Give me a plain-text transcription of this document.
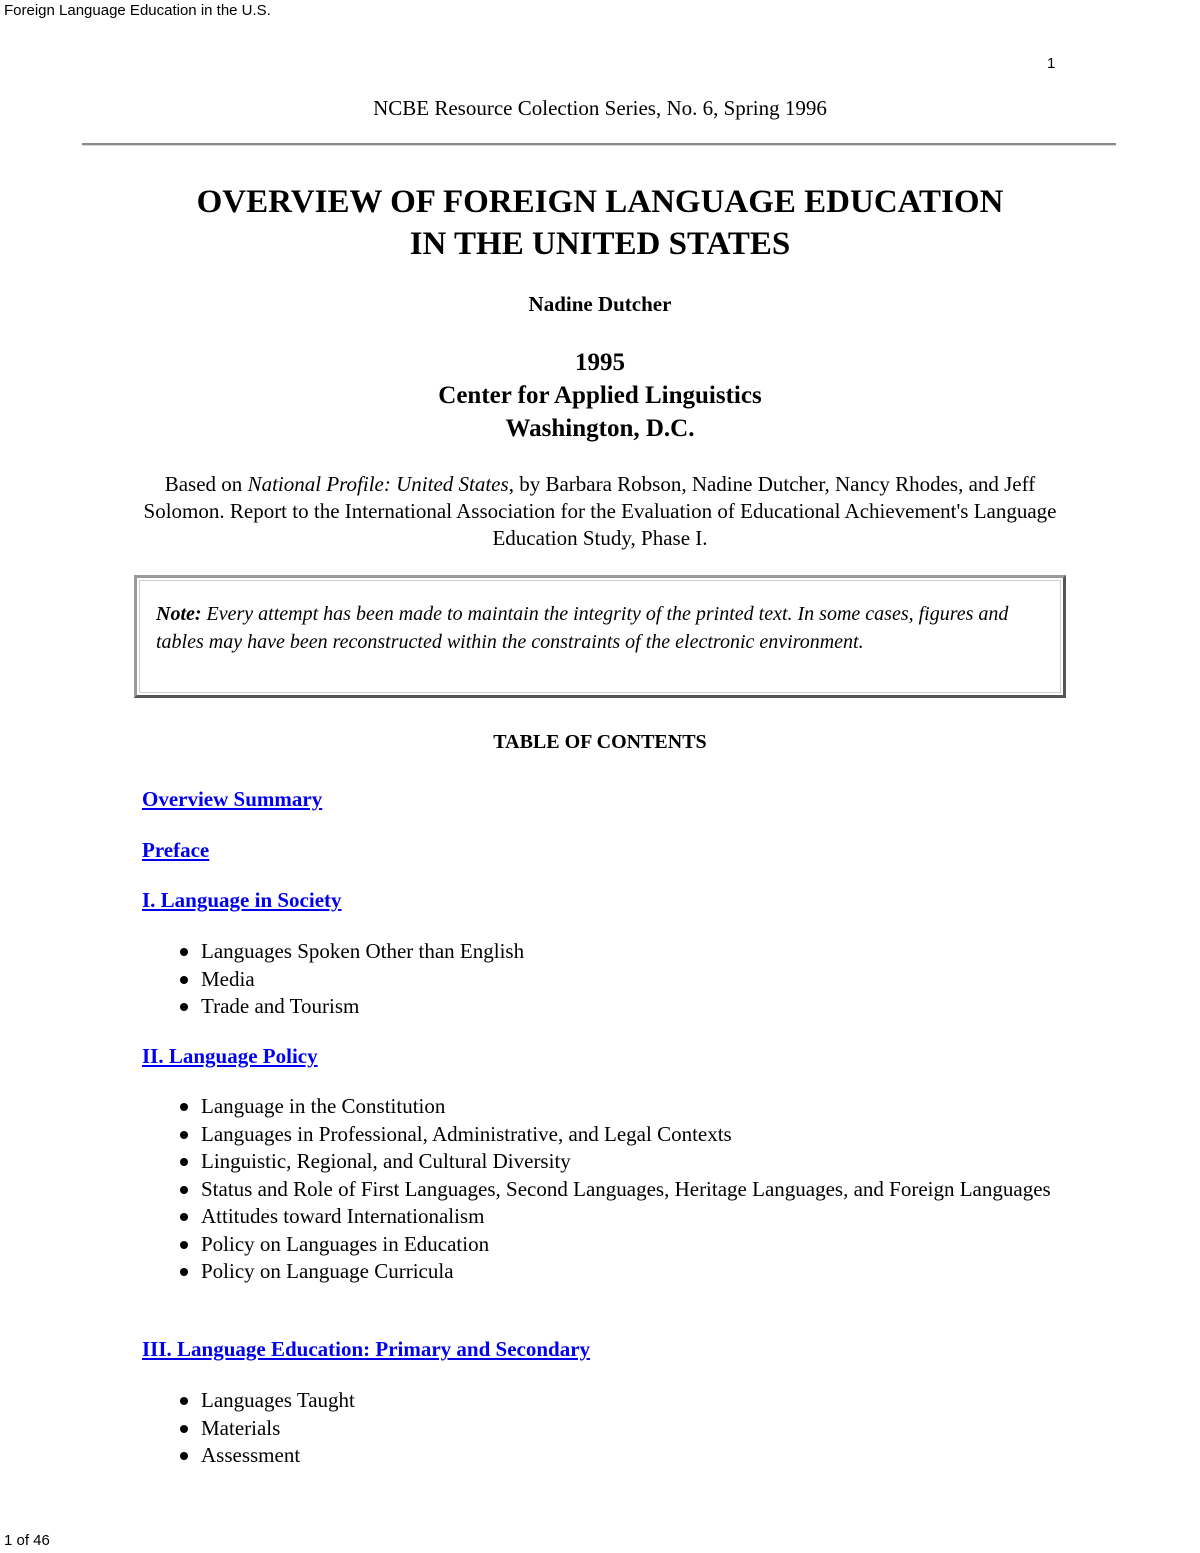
Foreign Language Education in the U.S.
1
NCBE Resource Colection Series, No. 6, Spring 1996
OVERVIEW OF FOREIGN LANGUAGE EDUCATION
IN THE UNITED STATES
Nadine Dutcher
1995
Center for Applied Linguistics
Washington, D.C.
Based on National Profile: United States, by Barbara Robson, Nadine Dutcher, Nancy Rhodes, and Jeff Solomon. Report to the International Association for the Evaluation of Educational Achievement's Language Education Study, Phase I.
Note: Every attempt has been made to maintain the integrity of the printed text. In some cases, figures and tables may have been reconstructed within the constraints of the electronic environment.
TABLE OF CONTENTS
Overview Summary
Preface
I. Language in Society
Languages Spoken Other than English
Media
Trade and Tourism
II. Language Policy
Language in the Constitution
Languages in Professional, Administrative, and Legal Contexts
Linguistic, Regional, and Cultural Diversity
Status and Role of First Languages, Second Languages, Heritage Languages, and Foreign Languages
Attitudes toward Internationalism
Policy on Languages in Education
Policy on Language Curricula
III. Language Education: Primary and Secondary
Languages Taught
Materials
Assessment
1 of 46
